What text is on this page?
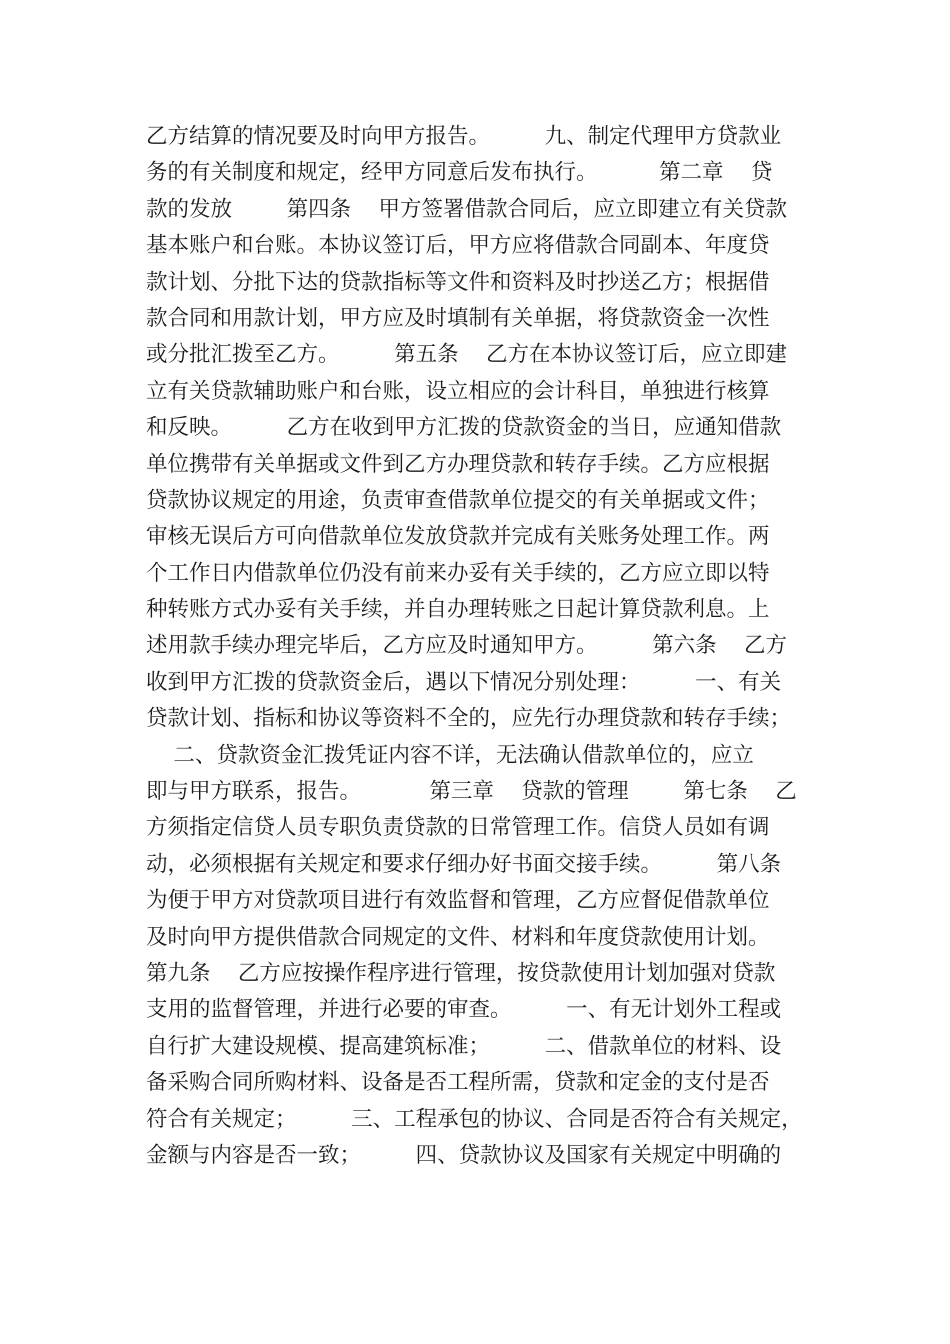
乙方结算的情况要及时向甲方报告。        九、制定代理甲方贷款业
务的有关制度和规定，经甲方同意后发布执行。         第二章    贷
款的发放        第四条    甲方签署借款合同后，应立即建立有关贷款
基本账户和台账。本协议签订后，甲方应将借款合同副本、年度贷
款计划、分批下达的贷款指标等文件和资料及时抄送乙方；根据借
款合同和用款计划，甲方应及时填制有关单据，将贷款资金一次性
或分批汇拨至乙方。        第五条    乙方在本协议签订后，应立即建
立有关贷款辅助账户和台账，设立相应的会计科目，单独进行核算
和反映。        乙方在收到甲方汇拨的贷款资金的当日，应通知借款
单位携带有关单据或文件到乙方办理贷款和转存手续。乙方应根据
贷款协议规定的用途，负责审查借款单位提交的有关单据或文件；
审核无误后方可向借款单位发放贷款并完成有关账务处理工作。两
个工作日内借款单位仍没有前来办妥有关手续的，乙方应立即以特
种转账方式办妥有关手续，并自办理转账之日起计算贷款利息。上
述用款手续办理完毕后，乙方应及时通知甲方。        第六条    乙方
收到甲方汇拨的贷款资金后，遇以下情况分别处理：        一、有关
贷款计划、指标和协议等资料不全的，应先行办理贷款和转存手续；
二、贷款资金汇拨凭证内容不详，无法确认借款单位的，应立
即与甲方联系，报告。          第三章    贷款的管理        第七条    乙
方须指定信贷人员专职负责贷款的日常管理工作。信贷人员如有调
动，必须根据有关规定和要求仔细办好书面交接手续。        第八条
为便于甲方对贷款项目进行有效监督和管理，乙方应督促借款单位
及时向甲方提供借款合同规定的文件、材料和年度贷款使用计划。
第九条    乙方应按操作程序进行管理，按贷款使用计划加强对贷款
支用的监督管理，并进行必要的审查。        一、有无计划外工程或
自行扩大建设规模、提高建筑标准；        二、借款单位的材料、设
备采购合同所购材料、设备是否工程所需，贷款和定金的支付是否
符合有关规定；        三、工程承包的协议、合同是否符合有关规定，
金额与内容是否一致；        四、贷款协议及国家有关规定中明确的
